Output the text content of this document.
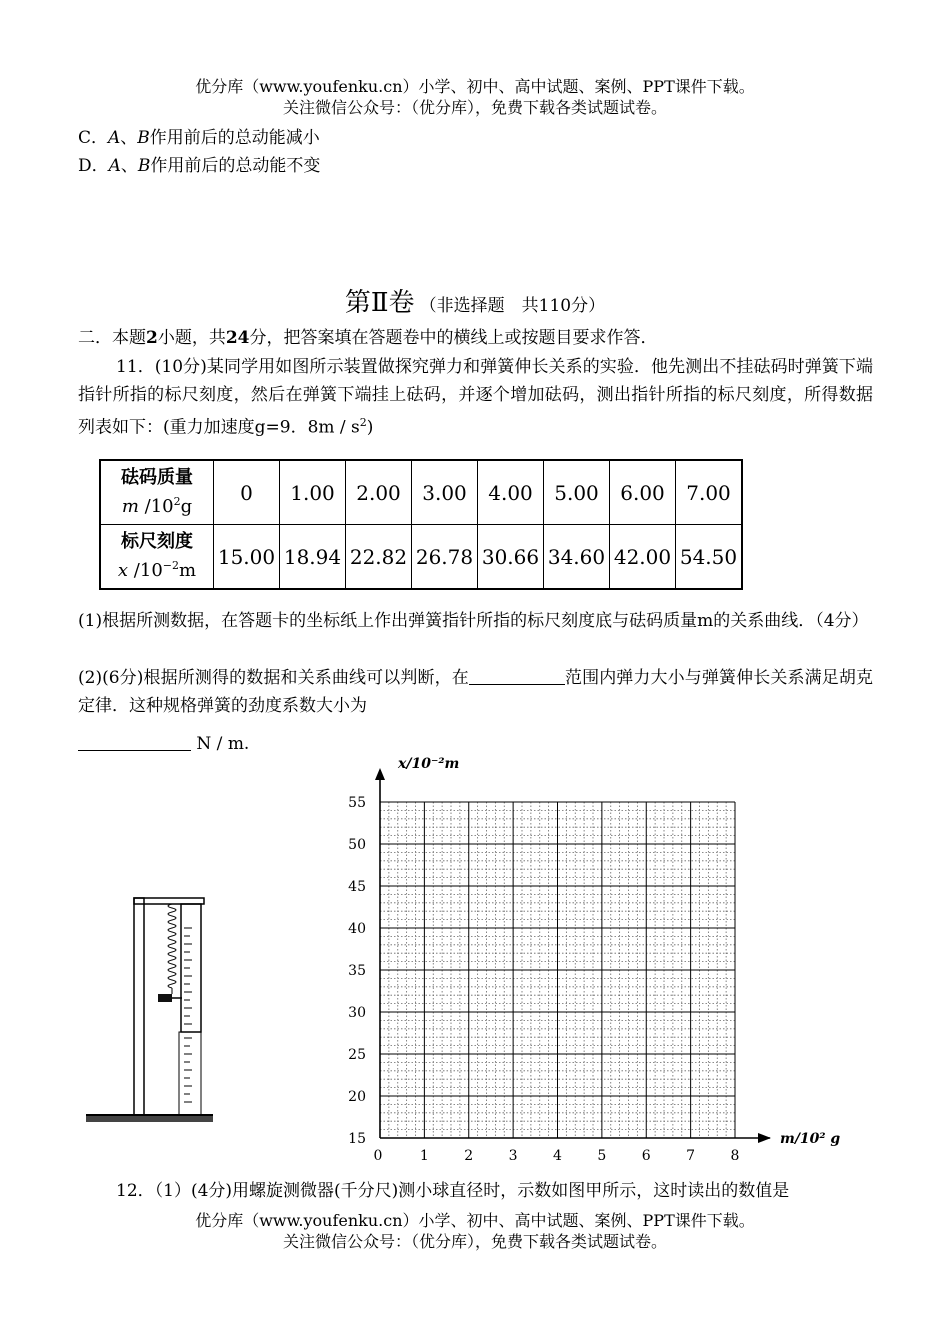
优分库（www.youfenku.cn）小学、初中、高中试题、案例、PPT课件下载。
关注微信公众号：（优分库），免费下载各类试题试卷。
C．A、B作用前后的总动能减小
D．A、B作用前后的总动能不变
第Ⅱ卷 （非选择题　共110分）
二．本题2小题，共24分，把答案填在答题卷中的横线上或按题目要求作答．
11．(10分)某同学用如图所示装置做探究弹力和弹簧伸长关系的实验．他先测出不挂砝码时弹簧下端指针所指的标尺刻度，然后在弹簧下端挂上砝码，并逐个增加砝码，测出指针所指的标尺刻度，所得数据列表如下：(重力加速度g=9．$8m / s^2$)
砝码质量
m $/10^2g$	0	1.00	2.00	3.00	4.00	5.00	6.00	7.00
标尺刻度
x $/10^{-2}m$	15.00	18.94	22.82	26.78	30.66	34.60	42.00	54.50
(1)根据所测数据，在答题卡的坐标纸上作出弹簧指针所指的标尺刻度底与砝码质量m的关系曲线．（4分）
(2)(6分)根据所测得的数据和关系曲线可以判断，在	范围内弹力大小与弹簧伸长关系满足胡克定律．这种规格弹簧的劲度系数大小为
N / m.
0	1	2	3	4	5	6	7	8
15
20
25
30
35
40
45
50
55
x/10⁻²m
m/10² g
12．（1）(4分)用螺旋测微器(千分尺)测小球直径时，示数如图甲所示，这时读出的数值是
优分库（www.youfenku.cn）小学、初中、高中试题、案例、PPT课件下载。
关注微信公众号：（优分库），免费下载各类试题试卷。
